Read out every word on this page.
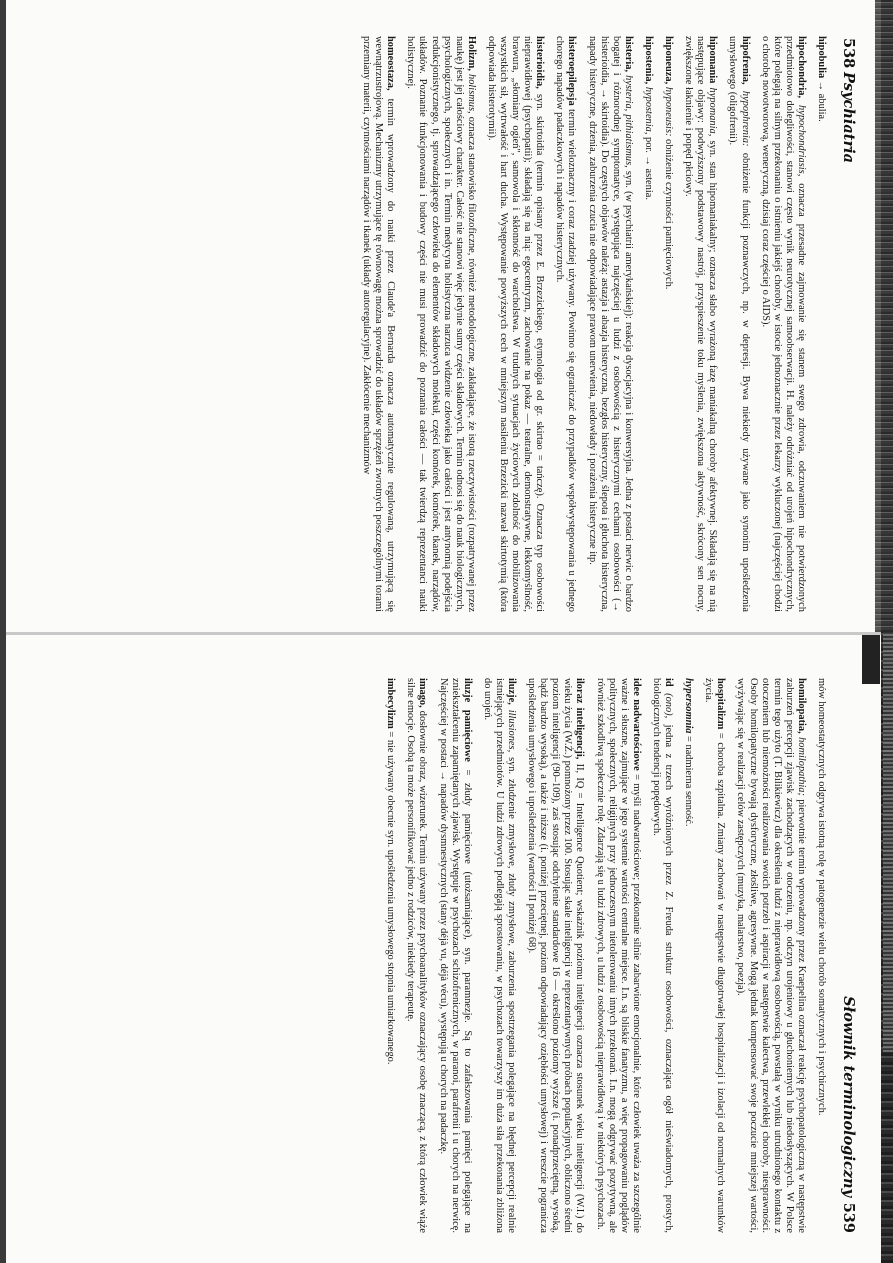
538
Psychiatria

hipobulia → abulia.

hipochondria, hypochondriasis, oznacza przesadne zajmowanie się stanem swego zdrowia, odczuwaniem nie potwierdzonych przedmiotowo dolegliwości, stanowi często wynik neurotycznej samoobserwacji. H. należy odróżniać od urojeń hipochondrycznych, które polegają na silnym przekonaniu o istnieniu jakiejś choroby, w istocie jednoznacznie przez lekarzy wykluczonej (najczęściej chodzi o chorobę nowotworową, weneryczną, dzisiaj coraz częściej o AIDS).

hipofrenia, hypophrenia: obniżenie funkcji poznawczych, np. w depresji. Bywa niekiedy używane jako synonim upośledzenia umysłowego (oligofrenii).

hipomania hypomania, syn. stan hipomaniakalny; oznacza słabo wyrażoną fazę maniakalną choroby afektywnej. Składają się na nią następujące objawy: podwyższony podstawowy nastrój, przyspieszenie toku myślenia, zwiększona aktywność, skrócony sen nocny, zwiększone łaknienie i popęd płciowy.

hiponeuza, hyponeusis: obniżenie czynności pamięciowych.

hipostenia, hypostenia, por. → astenia.

histeria, hysteria, pithiatismus, syn. (w psychiatrii amerykańskiej): reakcja dysocjacyjna i konwersyjna. Jedna z postaci nerwic o bardzo bogatej i różnorodnej symptomatyce, występująca najczęściej u ludzi z osobowością z histerycznymi cechami osobowości (→ histerioidia, → skirtoidia). Do częstych objawów należą: astazja i abazja histeryczna, bezgłos histeryczny, ślepota i głuchota histeryczna, napady histeryczne, drżenia, zaburzenia czucia nie odpowiadające prawom unerwienia, niedowłady i porażenia histeryczne itp.

histeroepilepsja termin wieloznaczny i coraz rzadziej używany. Powinno się ograniczać do przypadków współwystępowania u jednego chorego napadów padaczkowych i napadów histerycznych.

histerioidia, syn. skirtoidia (termin opisany przez E. Brzezickiego, etymologia od gr. skirtao = tańczę). Oznacza typ osobowości nieprawidłowej (psychopatii); składają się na nią: egocentryzm, zachowanie na pokaz — teatralne, demonstratywne, lekkomyślność, brawura, „słomiany ogień", samowola i skłonność do warcholstwa. W trudnych sytuacjach życiowych zdolność do mobilizowania wszystkich sił, wytrwałość i hart ducha. Występowanie powyższych cech w mniejszym nasileniu Brzezicki nazwał skirtotymią (która odpowiada histerotymii).

Holizm, holismus, oznacza stanowisko filozoficzne, również metodologiczne, zakładające, że istotą rzeczywistości (rozpatrywanej przez naukę) jest jej całościowy charakter. Całość nie stanowi więc jedynie sumy części składowych. Termin odnosi się do nauk biologicznych, psychologicznych, społecznych i in. Termin medycyna holistyczna narzuca widzenie człowieka jako całości i jest antynomią podejścia redukcjonistycznego, tj. sprowadzającego człowieka do elementów składowych molekuł, części komórek, komórek, tkanek, narządów, układów. Poznanie funkcjonowania i budowy części nie musi prowadzić do poznania całości — tak twierdzą reprezentanci nauki holistycznej.

homeostaza, termin wprowadzony do nauki przez Claude'a Bernarda oznacza automatycznie regulowaną, utrzymującą się wewnątrzustrojową. Mechanizmy utrzymujące tę równowagę można sprowadzić do układów sprzężeń zwrotnych poszczególnymi torami przemiany materii, czynnościami narządów i tkanek (układy autoregulacyjne). Zakłócenie mechanizmów

Słownik terminologiczny
539

mów homeostatycznych odgrywa istotną rolę w patogenezie wielu chorób somatycznych i psychicznych.

homilopatia, homilopathia; pierwotnie termin wprowadzony przez Kraepelina oznaczał reakcję psychopatologiczną w następstwie zaburzeń percepcji zjawisk zachodzących w otoczeniu, np. odczyn urojeniowy u głuchoniemych lub niedosłyszących. W Polsce termin tego użyto (T. Bilikiewicz) dla określenia ludzi z nieprawidłową osobowością, powstałą w wyniku utrudnionego kontaktu z otoczeniem lub niemożności realizowania swoich potrzeb i aspiracji w następstwie kalectwa, przewlekłej choroby, niesprawności. Osoby homilopatyczne bywają dysforyczne, złośliwe, agresywne. Mogą jednak kompensować swoje poczucie mniejszej wartości, wyżywając się w realizacji celów zastępczych (muzyka, malarstwo, poezja).

hospitalizm = choroba szpitalna. Zmiany zachowań w następstwie długotrwałej hospitalizacji i izolacji od normalnych warunków życia.

hypersomnia = nadmierna senność.

id (ono), jedna z trzech wyróżnionych przez Z. Freuda struktur osobowości, oznaczająca ogół nieświadomych, prostych, biologicznych tendencji popędowych.

idee nadwartościowe = myśli nadwartościowe; przekonanie silnie zabarwione emocjonalnie, które człowiek uważa za szczególnie ważne i słuszne, zajmujące w jego systemie wartości centralne miejsce. I.n. są bliskie fanatyzmu, a więc propagowaniu poglądów politycznych, społecznych, religijnych przy jednoczesnym nietolerowaniu innych przekonań. I.n. mogą odgrywać pozytywną, ale również szkodliwą społecznie rolę. Zdarzają się u ludzi zdrowych, u ludzi z osobowością nieprawidłową i w niektórych psychozach.

iloraz inteligencji, II, IQ = Intelligence Quotient; wskaźnik poziomu inteligencji oznacza stosunek wieku inteligencji (W.I.) do wieku życia (W.Ż.) pomnożony przez 100. Stosując skale inteligencji w reprezentatywnych próbach populacyjnych, obliczono średni poziom inteligencji (90–109), zaś stosując odchylenie standardowe 16 — określono poziomy wyższe (i. ponadprzeciętną, wysoką, bądź bardzo wysoką), a także i niższe (i. poniżej przeciętnej, poziom odpowiadający oziębłości umysłowej) i wreszcie pogranicza upośledzenia umysłowego i upośledzenia (wartości II poniżej 68).

iluzje, illusiones, syn. złudzenie zmysłowe, złudy zmysłowe, zaburzenia spostrzegania polegające na błędnej percepcji realnie istniejących przedmiotów. U ludzi zdrowych podlegają sprostowaniu, w psychozach towarzyszy im duża siła przekonania zbliżona do urojeń.

iluzje pamięciowe = złudy pamięciowe (utożsamiające), syn. paramnezje. Są to zafałszowania pamięci polegające na zniekształceniu zapamiętanych zjawisk. Występuje w psychozach schizofrenicznych, w paranoi, parafrenii i u chorych na nerwicę. Najczęściej w postaci → napadów dysmnestycznych (stany déjà vu, déjà vécu), występują u chorych na padaczkę.

imago, dosłownie obraz, wizerunek. Termin używany przez psychoanalityków oznaczający osobę znaczącą, z którą człowiek wiąże silne emocje. Osobą ta może personifikować jedno z rodziców, niekiedy terapeutę.

imbecylizm = nie używany obecnie syn. upośledzenia umysłowego stopnia umiarkowanego.
